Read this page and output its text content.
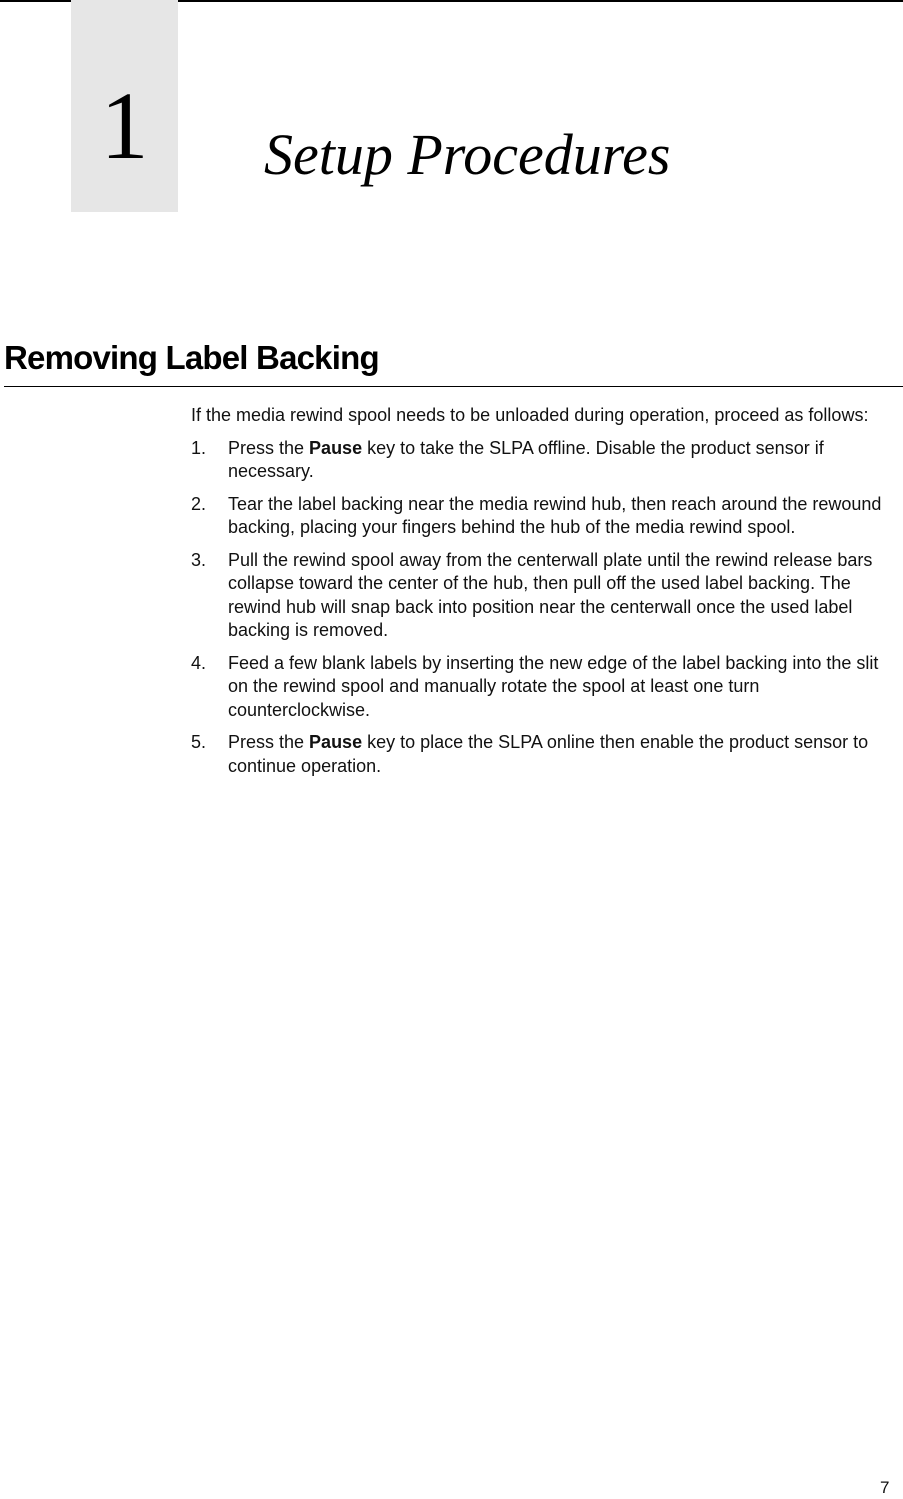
1	Setup Procedures
Removing Label Backing

If the media rewind spool needs to be unloaded during operation, proceed as follows:

1. Press the Pause key to take the SLPA offline. Disable the product sensor if necessary.
2. Tear the label backing near the media rewind hub, then reach around the rewound backing, placing your fingers behind the hub of the media rewind spool.
3. Pull the rewind spool away from the centerwall plate until the rewind release bars collapse toward the center of the hub, then pull off the used label backing. The rewind hub will snap back into position near the centerwall once the used label backing is removed.
4. Feed a few blank labels by inserting the new edge of the label backing into the slit on the rewind spool and manually rotate the spool at least one turn counterclockwise.
5. Press the Pause key to place the SLPA online then enable the product sensor to continue operation.
7
